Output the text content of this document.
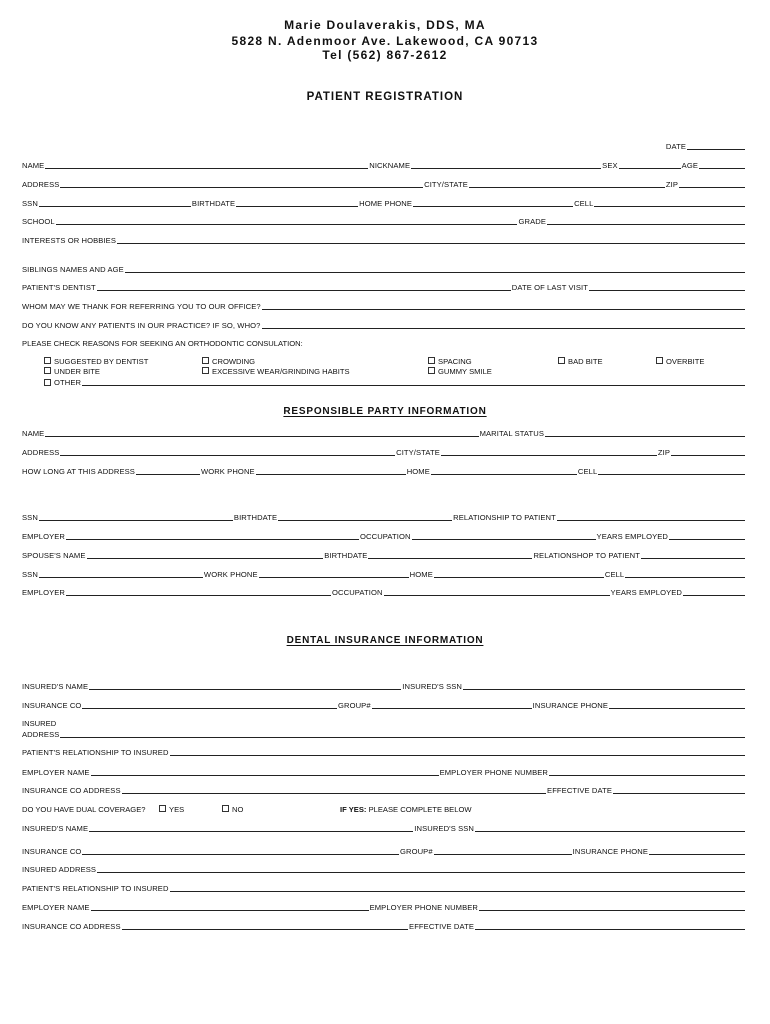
Marie Doulaverakis, DDS, MA
5828 N. Adenmoor Ave. Lakewood, CA 90713
Tel (562) 867-2612
PATIENT REGISTRATION
DATE
NAME	NICKNAME	SEX	AGE
ADDRESS	CITY/STATE	ZIP
SSN	BIRTHDATE	HOME PHONE	CELL
SCHOOL	GRADE
INTERESTS OR HOBBIES
SIBLINGS NAMES AND AGE
PATIENT'S DENTIST	DATE OF LAST VISIT
WHOM MAY WE THANK FOR REFERRING YOU TO OUR OFFICE?
DO YOU KNOW ANY PATIENTS IN OUR PRACTICE? IF SO, WHO?
PLEASE CHECK REASONS FOR SEEKING AN ORTHODONTIC CONSULATION:
SUGGESTED BY DENTIST
UNDER BITE
OTHER
CROWDING
EXCESSIVE WEAR/GRINDING HABITS
SPACING
GUMMY SMILE
BAD BITE	OVERBITE
RESPONSIBLE PARTY INFORMATION
NAME	MARITAL STATUS
ADDRESS	CITY/STATE	ZIP
HOW LONG AT THIS ADDRESS	WORK PHONE	HOME	CELL
SSN	BIRTHDATE	RELATIONSHIP TO PATIENT
EMPLOYER	OCCUPATION	YEARS EMPLOYED
SPOUSE'S NAME	BIRTHDATE	RELATIONSHOP TO PATIENT
SSN	WORK PHONE	HOME	CELL
EMPLOYER	OCCUPATION	YEARS EMPLOYED
DENTAL INSURANCE INFORMATION
INSURED'S NAME	INSURED'S SSN
INSURANCE CO	GROUP#	INSURANCE PHONE
INSURED
ADDRESS
PATIENT'S RELATIONSHIP TO INSURED
EMPLOYER NAME	EMPLOYER PHONE NUMBER
INSURANCE CO ADDRESS	EFFECTIVE DATE
DO YOU HAVE DUAL COVERAGE?	YES	NO	IF YES: PLEASE COMPLETE BELOW
INSURED'S NAME	INSURED'S SSN
INSURANCE CO	GROUP#	INSURANCE PHONE
INSURED ADDRESS
PATIENT'S RELATIONSHIP TO INSURED
EMPLOYER NAME	EMPLOYER PHONE NUMBER
INSURANCE CO ADDRESS	EFFECTIVE DATE
